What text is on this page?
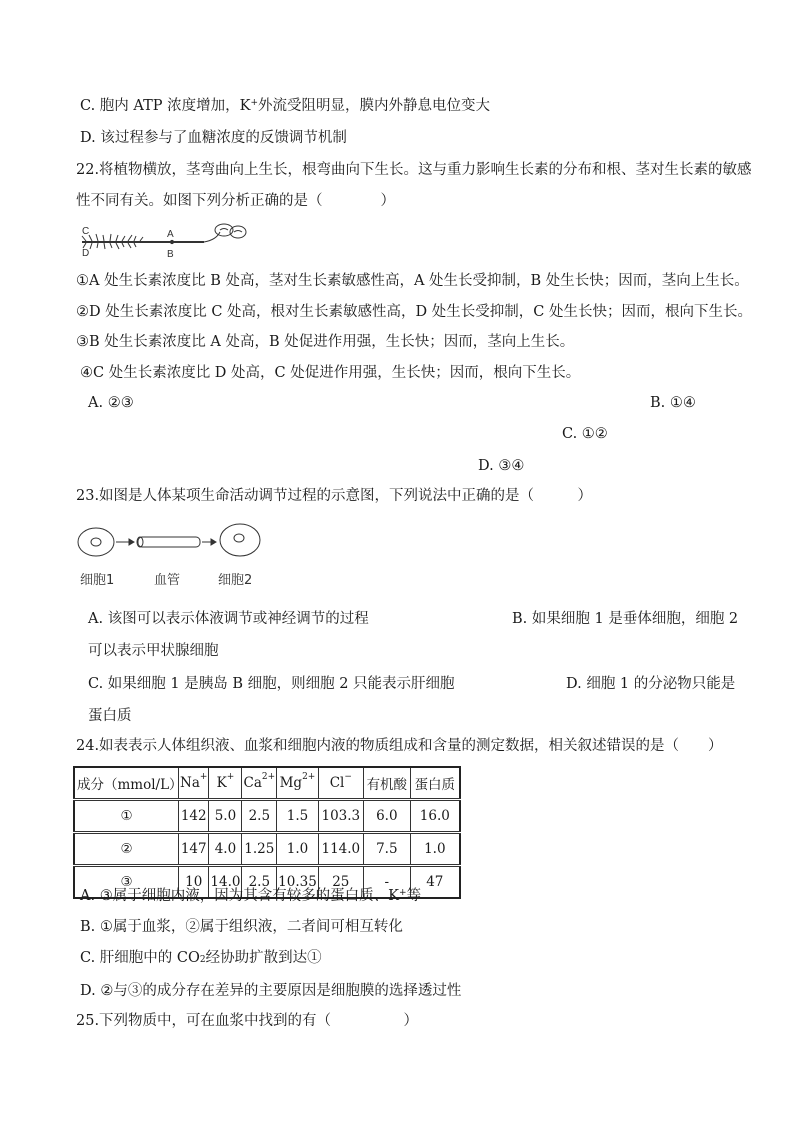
C. 胞内 ATP 浓度增加，K+外流受阻明显，膜内外静息电位变大
D. 该过程参与了血糖浓度的反馈调节机制
22.将植物横放，茎弯曲向上生长，根弯曲向下生长。这与重力影响生长素的分布和根、茎对生长素的敏感
性不同有关。如图下列分析正确的是（　　　　）
C
D
A
B
①A 处生长素浓度比 B 处高，茎对生长素敏感性高，A 处生长受抑制，B 处生长快；因而，茎向上生长。
②D 处生长素浓度比 C 处高，根对生长素敏感性高，D 处生长受抑制，C 处生长快；因而，根向下生长。
③B 处生长素浓度比 A 处高，B 处促进作用强，生长快；因而，茎向上生长。
④C 处生长素浓度比 D 处高，C 处促进作用强，生长快；因而，根向下生长。
A. ②③	B. ①④
C. ①②
D. ③④
23.如图是人体某项生命活动调节过程的示意图，下列说法中正确的是（　　　）
细胞1	血管	细胞2
A. 该图可以表示体液调节或神经调节的过程	B. 如果细胞 1 是垂体细胞，细胞 2
可以表示甲状腺细胞
C. 如果细胞 1 是胰岛 B 细胞，则细胞 2 只能表示肝细胞	D. 细胞 1 的分泌物只能是
蛋白质
24.如表表示人体组织液、血浆和细胞内液的物质组成和含量的测定数据，相关叙述错误的是（　　）
成分（mmol/L）	Na+	K+	$Ca^{2+}$	$Mg^{2+}$	Cl−	有机酸	蛋白质
①	142	5.0	2.5	1.5	103.3	6.0	16.0
②	147	4.0	1.25	1.0	114.0	7.5	1.0
③	10	14.0	2.5	10.35	25	-	47
A. ③属于细胞内液，因为其含有较多的蛋白质、K+等
B. ①属于血浆，②属于组织液，二者间可相互转化
C. 肝细胞中的 $CO_2$经协助扩散到达①
D. ②与③的成分存在差异的主要原因是细胞膜的选择透过性
25.下列物质中，可在血浆中找到的有（　　　　　）
